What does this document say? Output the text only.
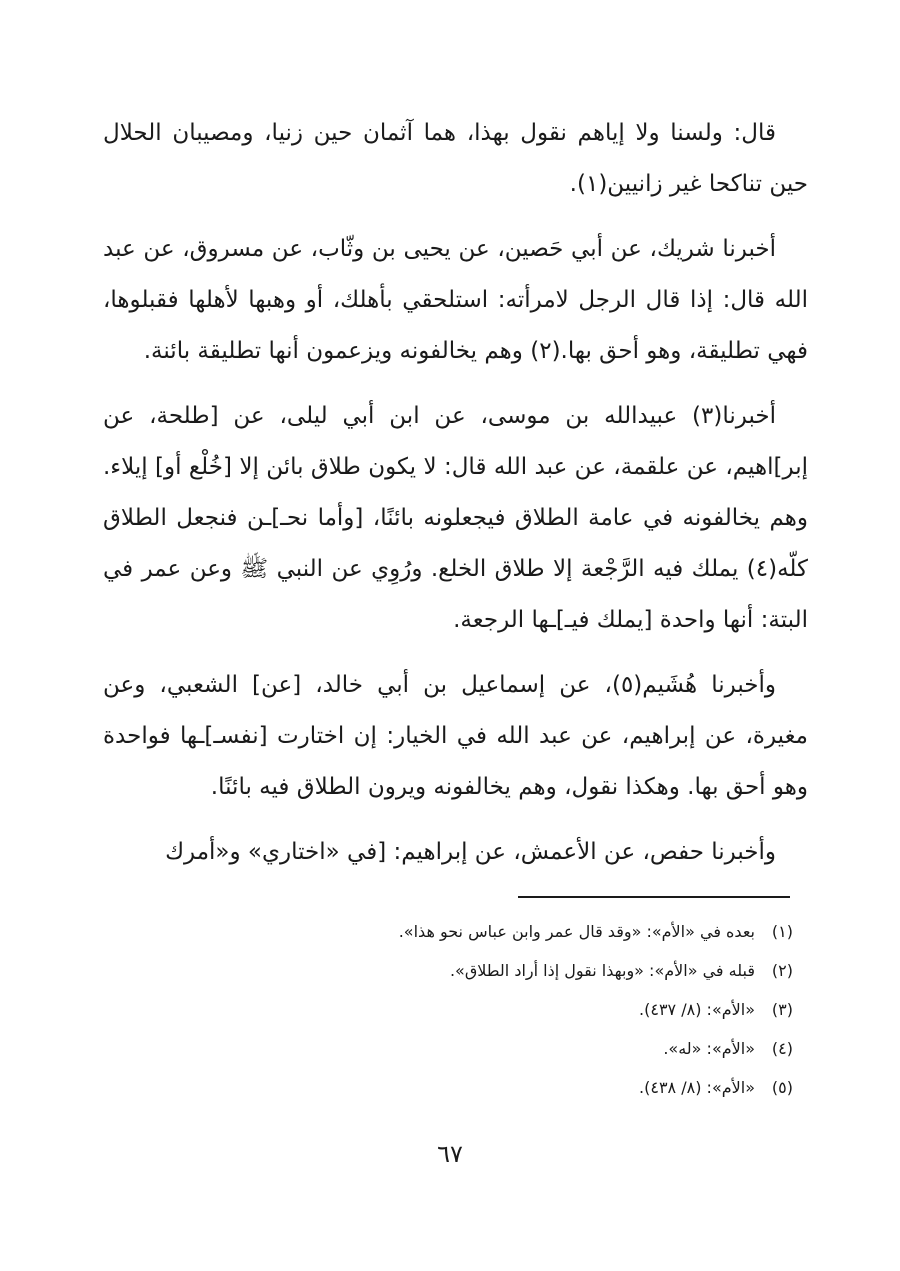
قال: ولسنا ولا إياهم نقول بهذا، هما آثمان حين زنيا، ومصيبان الحلال حين تناكحا غير زانيين(١).

أخبرنا شريك، عن أبي حَصين، عن يحيى بن وثّاب، عن مسروق، عن عبد الله قال: إذا قال الرجل لامرأته: استلحقي بأهلك، أو وهبها لأهلها فقبلوها، فهي تطليقة، وهو أحق بها.(٢) وهم يخالفونه ويزعمون أنها تطليقة بائنة.

أخبرنا(٣) عبيدالله بن موسى، عن ابن أبي ليلى، عن [طلحة، عن إبر]اهيم، عن علقمة، عن عبد الله قال: لا يكون طلاق بائن إلا [خُلْع أو] إيلاء. وهم يخالفونه في عامة الطلاق فيجعلونه بائنًا، [وأما نحـ]ـن فنجعل الطلاق كلّه(٤) يملك فيه الرَّجْعة إلا طلاق الخلع. ورُوِي عن النبي ﷺ وعن عمر في البتة: أنها واحدة [يملك فيـ]ـها الرجعة.

وأخبرنا هُشَيم(٥)، عن إسماعيل بن أبي خالد، [عن] الشعبي، وعن مغيرة، عن إبراهيم، عن عبد الله في الخيار: إن اختارت [نفسـ]ـها فواحدة وهو أحق بها. وهكذا نقول، وهم يخالفونه ويرون الطلاق فيه بائنًا.

وأخبرنا حفص، عن الأعمش، عن إبراهيم: [في «اختاري» و«أمرك

(١)
بعده في «الأم»: «وقد قال عمر وابن عباس نحو هذا».
(٢)
قبله في «الأم»: «وبهذا نقول إذا أراد الطلاق».
(٣)
«الأم»: (٨/ ٤٣٧).
(٤)
«الأم»: «له».
(٥)
«الأم»: (٨/ ٤٣٨).
٦٧
